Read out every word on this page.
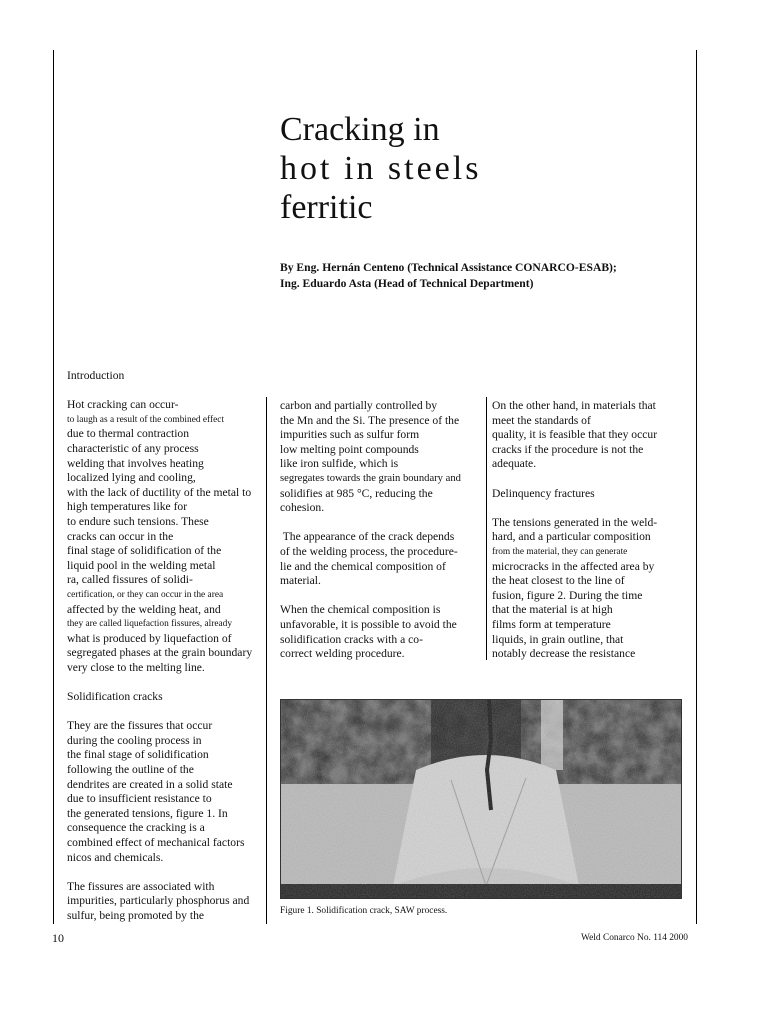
Cracking in
hot in steels
ferritic
By Eng. Hernán Centeno (Technical Assistance CONARCO-ESAB);
Ing. Eduardo Asta (Head of Technical Department)
Introduction

Hot cracking can occur-
to laugh as a result of the combined effect
due to thermal contraction
characteristic of any process
welding that involves heating
localized lying and cooling,
with the lack of ductility of the metal to
high temperatures like for
to endure such tensions. These
cracks can occur in the
final stage of solidification of the
liquid pool in the welding metal
ra, called fissures of solidi-
certification, or they can occur in the area
affected by the welding heat, and
they are called liquefaction fissures, already
what is produced by liquefaction of
segregated phases at the grain boundary
very close to the melting line.

Solidification cracks

They are the fissures that occur
during the cooling process in
the final stage of solidification
following the outline of the
dendrites are created in a solid state
due to insufficient resistance to
the generated tensions, figure 1. In
consequence the cracking is a
combined effect of mechanical factors
nicos and chemicals.

The fissures are associated with
impurities, particularly phosphorus and
sulfur, being promoted by the

carbon and partially controlled by
the Mn and the Si. The presence of the
impurities such as sulfur form
low melting point compounds
like iron sulfide, which is
segregates towards the grain boundary and
solidifies at 985 °C, reducing the
cohesion.

The appearance of the crack depends
of the welding process, the procedure-
lie and the chemical composition of
material.

When the chemical composition is
unfavorable, it is possible to avoid the
solidification cracks with a co-
correct welding procedure.

On the other hand, in materials that
meet the standards of
quality, it is feasible that they occur
cracks if the procedure is not the
adequate.

Delinquency fractures

The tensions generated in the weld-
hard, and a particular composition
from the material, they can generate
microcracks in the affected area by
the heat closest to the line of
fusion, figure 2. During the time
that the material is at high
films form at temperature
liquids, in grain outline, that
notably decrease the resistance

Figure 1. Solidification crack, SAW process.

10	Weld Conarco No. 114 2000
